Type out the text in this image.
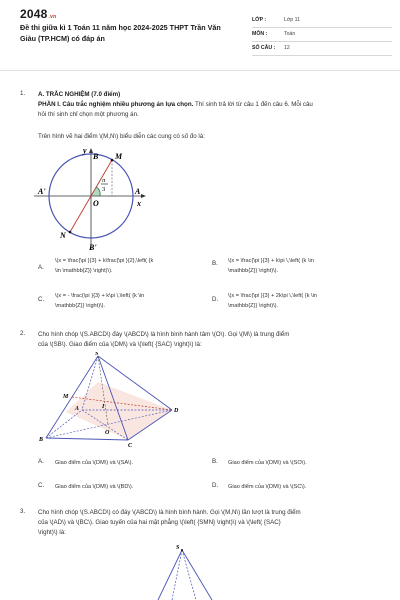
2048.vn
Đề thi giữa kì 1 Toán 11 năm học 2024-2025 THPT Trần Văn Giàu (TP.HCM) có đáp án
LỚP :	Lớp 11
MÔN :	Toán
SỐ CÂU : 12
1. A. TRẮC NGHIỆM (7.0 điểm)
PHẦN I. Câu trắc nghiệm nhiều phương án lựa chọn. Thí sinh trả lời từ câu 1 đến câu 6. Mỗi câu
hỏi thí sinh chỉ chọn một phương án.
Trên hình vẽ hai điểm \(M,N\) biểu diễn các cung có số đo là:
y
B M
π
3
A'	A
x
O
N
B'
A.
\(x = \frac{\pi }{3} + k\frac{\pi }{2},\left( {k
\in \mathbb{Z}} \right)\).
B. \(x = \frac{\pi }{3} + k\pi \,\left( {k \in
\mathbb{Z}} \right)\).
C. \(x = - \frac{\pi }{3} + k\pi \,\left( {k \in
\mathbb{Z}} \right)\).
D. \(x = \frac{\pi }{3} + 2k\pi \,\left( {k \in
\mathbb{Z}} \right)\).
2. Cho hình chóp \(S.ABCD\) đáy \(ABCD\) là hình bình hành tâm \(O\). Gọi \(M\) là trung điểm
của \(SB\). Giao điểm của \(DM\) và \(\left( {SAC} \right)\) là:
S
M
A	D
I
B
O
C
A. Giao điểm của \(DM\) và \(SA\).	B. Giao điểm của \(DM\) và \(SO\).
C. Giao điểm của \(DM\) và \(BD\).	D. Giao điểm của \(DM\) và \(SC\).
3. Cho hình chóp \(S.ABCD\) có đáy \(ABCD\) là hình bình hành. Gọi \(M,N\) lần lượt là trung điểm
của \(AD\) và \(BC\). Giao tuyến của hai mặt phẳng \(\left( {SMN} \right)\) và \(\left( {SAC}
\right)\) là:
S
